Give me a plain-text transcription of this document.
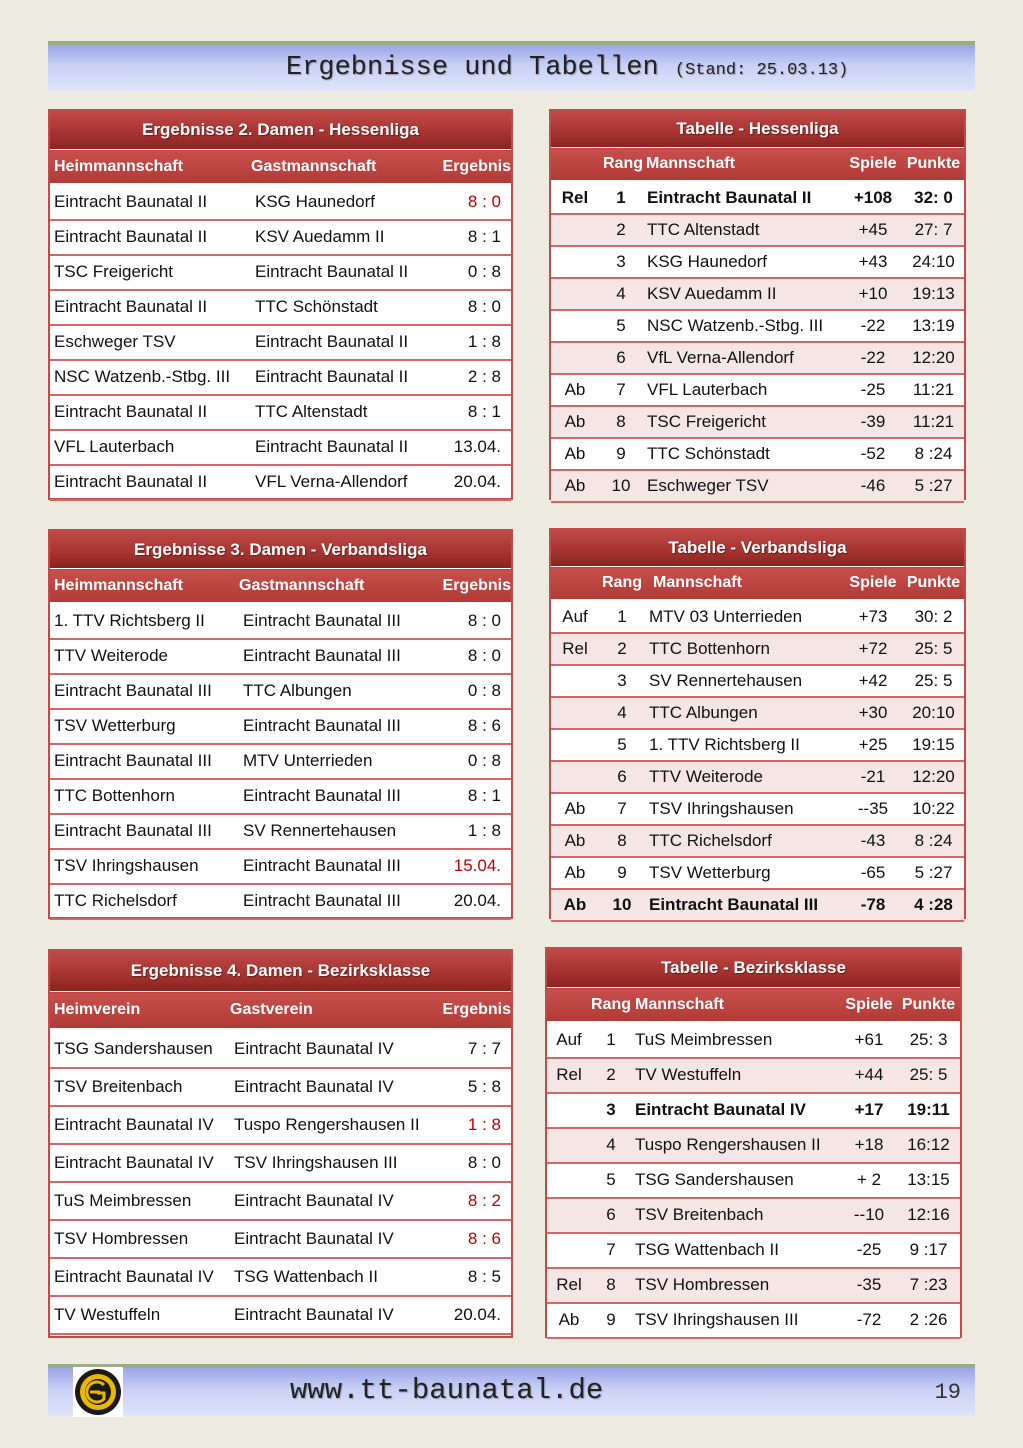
Ergebnisse und Tabellen (Stand: 25.03.13)
Ergebnisse 2. Damen - Hessenliga		
Heimmannschaft	Gastmannschaft	Ergebnis
Eintracht Baunatal II	KSG Haunedorf	8 : 0
Eintracht Baunatal II	KSV Auedamm II	8 : 1
TSC Freigericht	Eintracht Baunatal II	0 : 8
Eintracht Baunatal II	TTC Schönstadt	8 : 0
Eschweger TSV	Eintracht Baunatal II	1 : 8
NSC Watzenb.-Stbg. III	Eintracht Baunatal II	2 : 8
Eintracht Baunatal II	TTC Altenstadt	8 : 1
VFL Lauterbach	Eintracht Baunatal II	13.04.
Eintracht Baunatal II	VFL Verna-Allendorf	20.04.
Tabelle - Hessenliga				
	Rang	Mannschaft	Spiele	Punkte
Rel	1	Eintracht Baunatal II	+108	32: 0
	2	TTC Altenstadt	+45	27: 7
	3	KSG Haunedorf	+43	24:10
	4	KSV Auedamm II	+10	19:13
	5	NSC Watzenb.-Stbg. III	-22	13:19
	6	VfL Verna-Allendorf	-22	12:20
Ab	7	VFL Lauterbach	-25	11:21
Ab	8	TSC Freigericht	-39	11:21
Ab	9	TTC Schönstadt	-52	8 :24
Ab	10	Eschweger TSV	-46	5 :27
Ergebnisse 3. Damen - Verbandsliga		
Heimmannschaft	Gastmannschaft	Ergebnis
1. TTV Richtsberg II	Eintracht Baunatal III	8 : 0
TTV Weiterode	Eintracht Baunatal III	8 : 0
Eintracht Baunatal III	TTC Albungen	0 : 8
TSV Wetterburg	Eintracht Baunatal III	8 : 6
Eintracht Baunatal III	MTV Unterrieden	0 : 8
TTC Bottenhorn	Eintracht Baunatal III	8 : 1
Eintracht Baunatal III	SV Rennertehausen	1 : 8
TSV Ihringshausen	Eintracht Baunatal III	15.04.
TTC Richelsdorf	Eintracht Baunatal III	20.04.
Tabelle - Verbandsliga				
	Rang	Mannschaft	Spiele	Punkte
Auf	1	MTV 03 Unterrieden	+73	30: 2
Rel	2	TTC Bottenhorn	+72	25: 5
	3	SV Rennertehausen	+42	25: 5
	4	TTC Albungen	+30	20:10
	5	1. TTV Richtsberg II	+25	19:15
	6	TTV Weiterode	-21	12:20
Ab	7	TSV Ihringshausen	--35	10:22
Ab	8	TTC Richelsdorf	-43	8 :24
Ab	9	TSV Wetterburg	-65	5 :27
Ab	10	Eintracht Baunatal III	-78	4 :28
Ergebnisse 4. Damen - Bezirksklasse		
Heimverein	Gastverein	Ergebnis
TSG Sandershausen	Eintracht Baunatal IV	7 : 7
TSV Breitenbach	Eintracht Baunatal IV	5 : 8
Eintracht Baunatal IV	Tuspo Rengershausen II	1 : 8
Eintracht Baunatal IV	TSV Ihringshausen III	8 : 0
TuS Meimbressen	Eintracht Baunatal IV	8 : 2
TSV Hombressen	Eintracht Baunatal IV	8 : 6
Eintracht Baunatal IV	TSG Wattenbach II	8 : 5
TV Westuffeln	Eintracht Baunatal IV	20.04.
Tabelle - Bezirksklasse				
	Rang	Mannschaft	Spiele	Punkte
Auf	1	TuS Meimbressen	+61	25: 3
Rel	2	TV Westuffeln	+44	25: 5
	3	Eintracht Baunatal IV	+17	19:11
	4	Tuspo Rengershausen II	+18	16:12
	5	TSG Sandershausen	+ 2	13:15
	6	TSV Breitenbach	--10	12:16
	7	TSG Wattenbach II	-25	9 :17
Rel	8	TSV Hombressen	-35	7 :23
Ab	9	TSV Ihringshausen III	-72	2 :26
www.tt-baunatal.de	19
